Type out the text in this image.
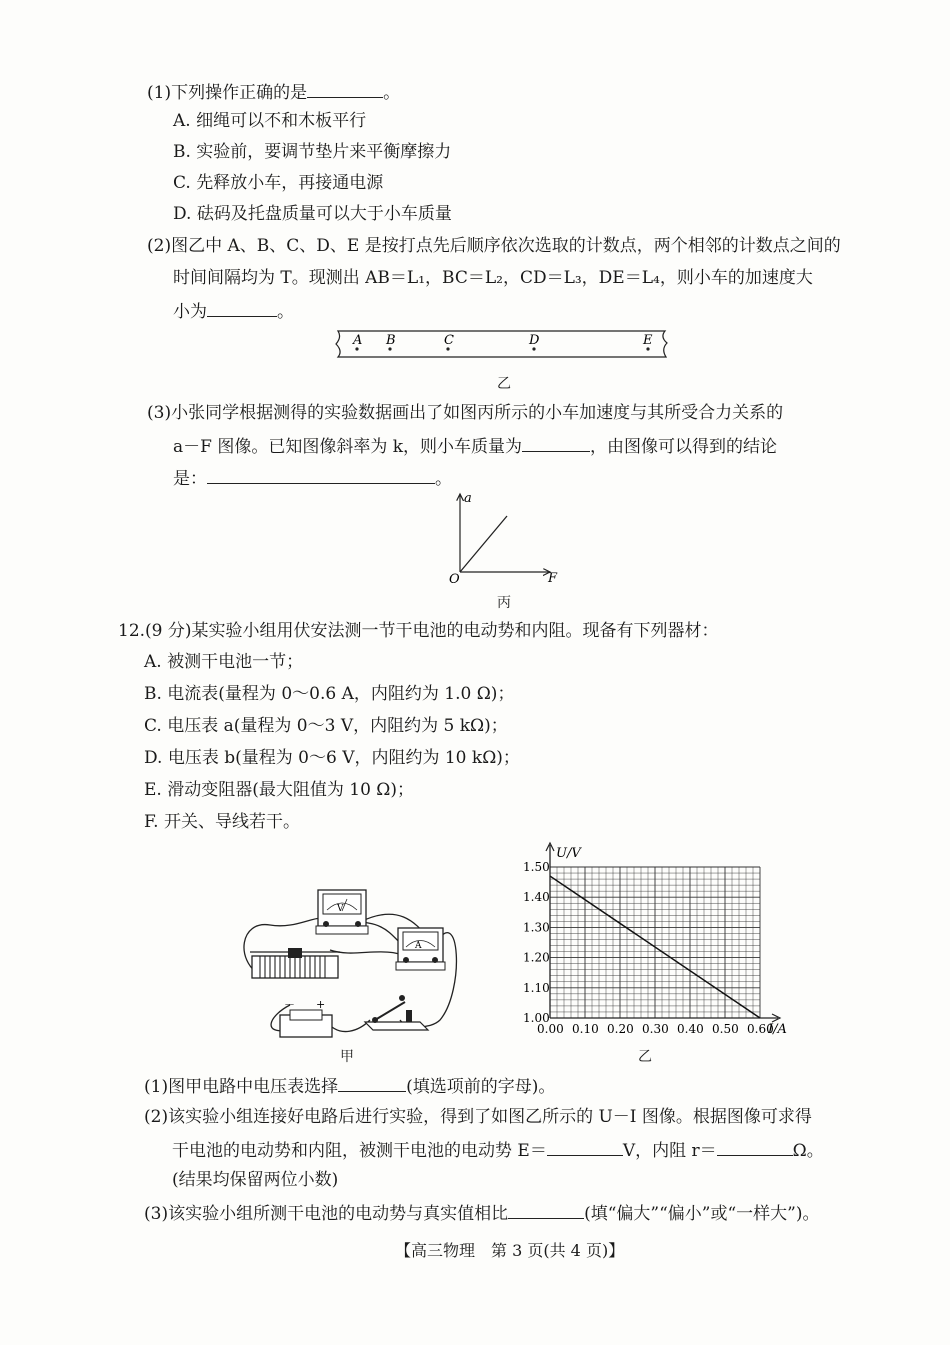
(1)下列操作正确的是	。
A. 细绳可以不和木板平行
B. 实验前，要调节垫片来平衡摩擦力
C. 先释放小车，再接通电源
D. 砝码及托盘质量可以大于小车质量
(2)图乙中 A、B、C、D、E 是按打点先后顺序依次选取的计数点，两个相邻的计数点之间的
时间间隔均为 T。现测出 AB＝L₁，BC＝L₂，CD＝L₃，DE＝L₄，则小车的加速度大
小为	。
A B	C	D	E
乙
(3)小张同学根据测得的实验数据画出了如图丙所示的小车加速度与其所受合力关系的
a－F 图像。已知图像斜率为 k，则小车质量为	，由图像可以得到的结论
是：	。
a
F
O
丙
12.(9 分)某实验小组用伏安法测一节干电池的电动势和内阻。现备有下列器材：
A. 被测干电池一节；
B. 电流表(量程为 0～0.6 A，内阻约为 1.0 Ω)；
C. 电压表 a(量程为 0～3 V，内阻约为 5 kΩ)；
D. 电压表 b(量程为 0～6 V，内阻约为 10 kΩ)；
E. 滑动变阻器(最大阻值为 10 Ω)；
F. 开关、导线若干。
V
A
－ +
甲
1.00
1.10
1.20
1.30
1.40
1.50
0.00 0.10 0.20 0.30 0.40 0.50 0.60
U/V
I/A
乙
(1)图甲电路中电压表选择	(填选项前的字母)。
(2)该实验小组连接好电路后进行实验，得到了如图乙所示的 U－I 图像。根据图像可求得
干电池的电动势和内阻，被测干电池的电动势 E＝	V，内阻 r＝	Ω。
(结果均保留两位小数)
(3)该实验小组所测干电池的电动势与真实值相比	(填“偏大”“偏小”或“一样大”)。
【高三物理　第 3 页(共 4 页)】
